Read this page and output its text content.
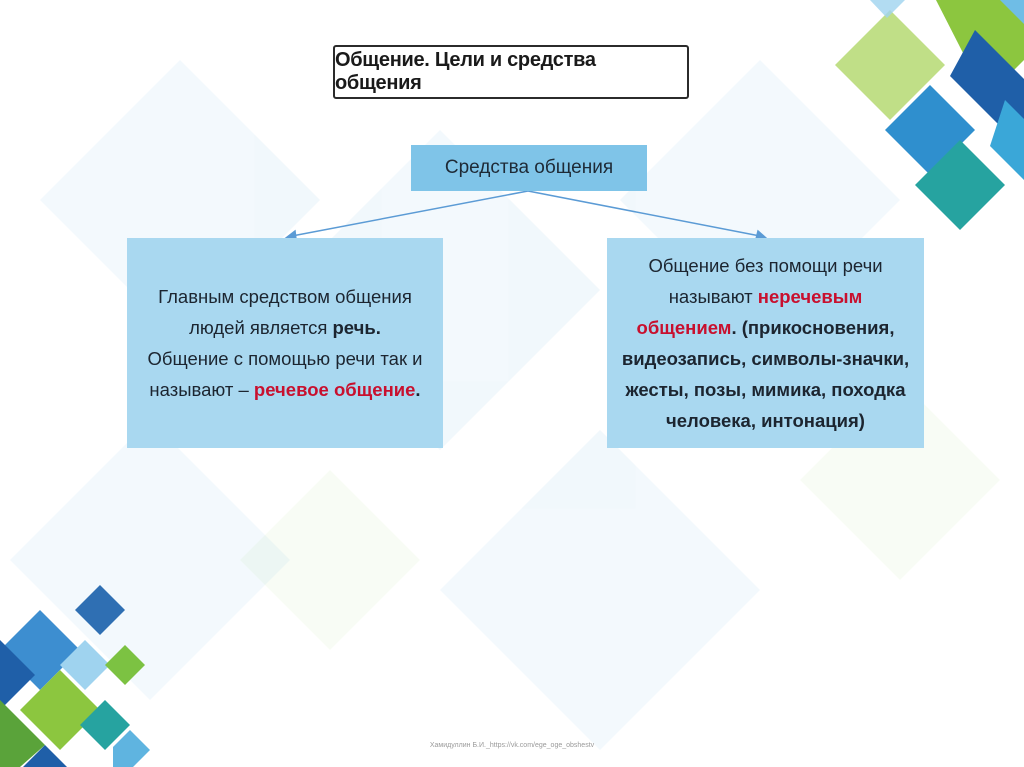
Общение. Цели и средства общения
Средства общения
Главным средством общения
людей является речь.
Общение с помощью речи так и
называют – речевое общение.
Общение без помощи речи
называют неречевым
общением. (прикосновения,
видеозапись, символы-значки,
жесты, позы, мимика, походка
человека, интонация)
Хамидуллин Б.И._https://vk.com/ege_oge_obshestv
